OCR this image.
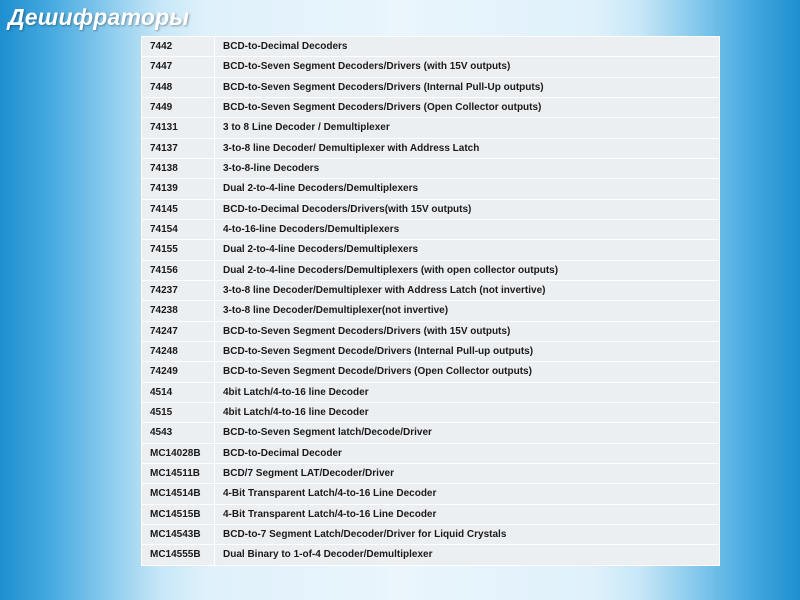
Дешифраторы
7442	BCD-to-Decimal Decoders
7447	BCD-to-Seven Segment Decoders/Drivers (with 15V outputs)
7448	BCD-to-Seven Segment Decoders/Drivers (Internal Pull-Up outputs)
7449	BCD-to-Seven Segment Decoders/Drivers (Open Collector outputs)
74131	3 to 8 Line Decoder / Demultiplexer
74137	3-to-8 line Decoder/ Demultiplexer with Address Latch
74138	3-to-8-line Decoders
74139	Dual 2-to-4-line Decoders/Demultiplexers
74145	BCD-to-Decimal Decoders/Drivers(with 15V outputs)
74154	4-to-16-line Decoders/Demultiplexers
74155	Dual 2-to-4-line Decoders/Demultiplexers
74156	Dual 2-to-4-line Decoders/Demultiplexers (with open collector outputs)
74237	3-to-8 line Decoder/Demultiplexer with Address Latch (not invertive)
74238	3-to-8 line Decoder/Demultiplexer(not invertive)
74247	BCD-to-Seven Segment Decoders/Drivers (with 15V outputs)
74248	BCD-to-Seven Segment Decode/Drivers (Internal Pull-up outputs)
74249	BCD-to-Seven Segment Decode/Drivers (Open Collector outputs)
4514	4bit Latch/4-to-16 line Decoder
4515	4bit Latch/4-to-16 line Decoder
4543	BCD-to-Seven Segment latch/Decode/Driver
MC14028B	BCD-to-Decimal Decoder
MC14511B	BCD/7 Segment LAT/Decoder/Driver
MC14514B	4-Bit Transparent Latch/4-to-16 Line Decoder
MC14515B	4-Bit Transparent Latch/4-to-16 Line Decoder
MC14543B	BCD-to-7 Segment Latch/Decoder/Driver for Liquid Crystals
MC14555B	Dual Binary to 1-of-4 Decoder/Demultiplexer
